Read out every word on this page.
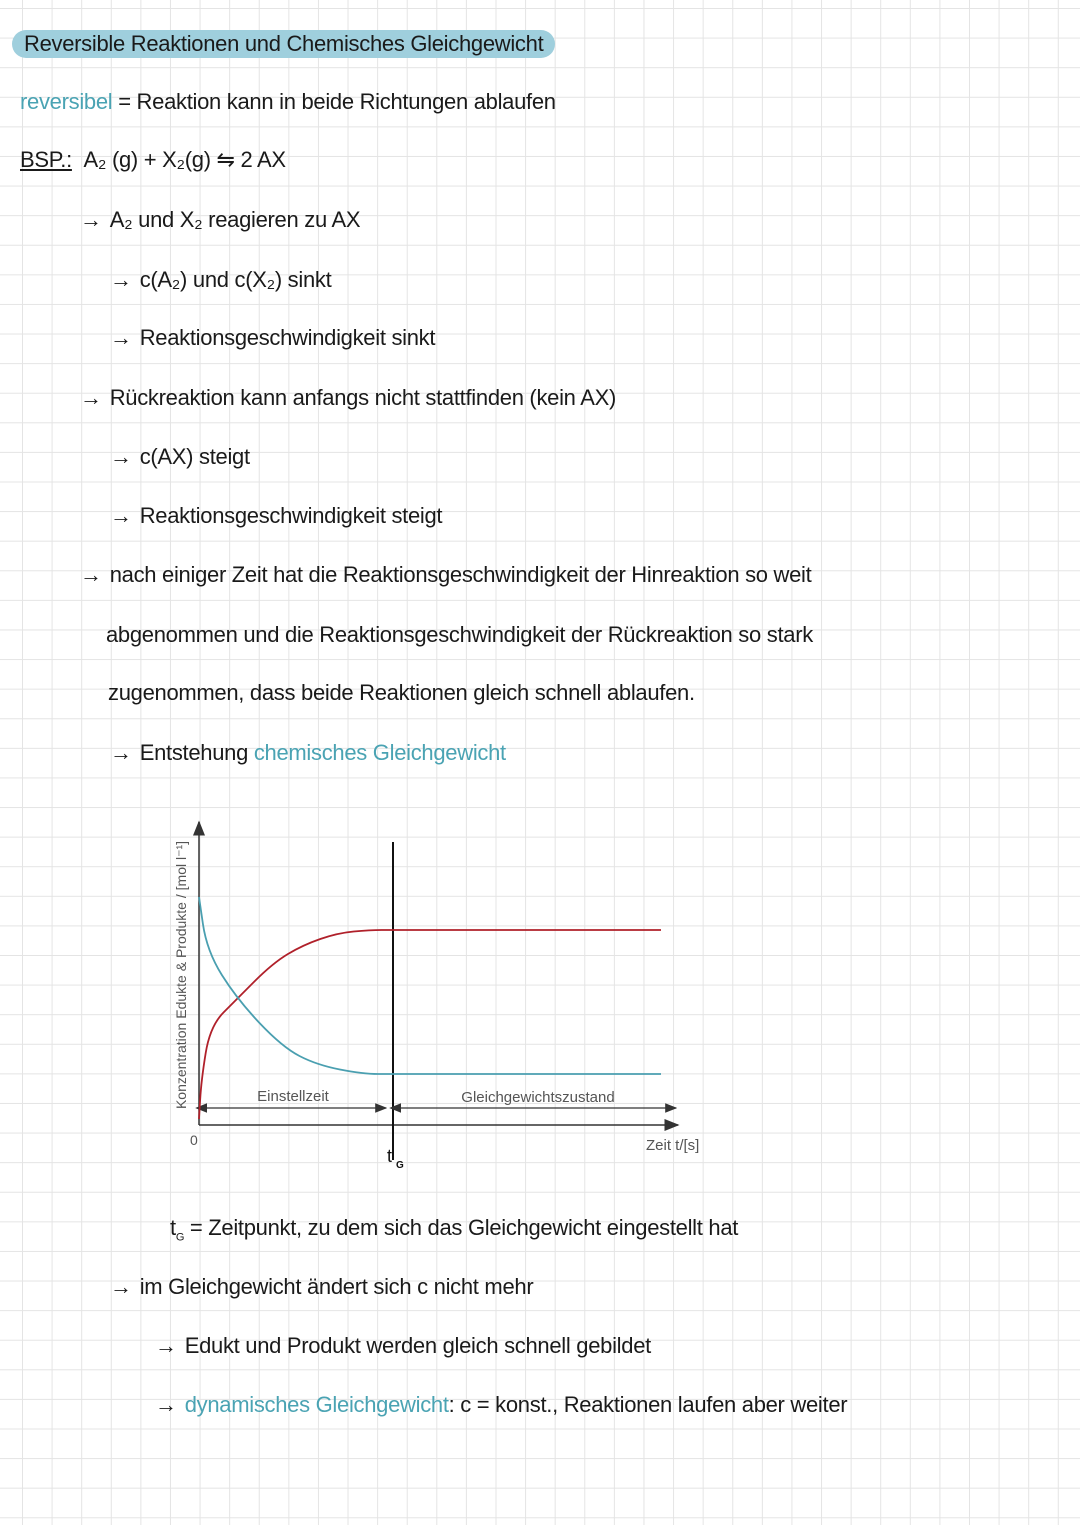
Reversible Reaktionen und Chemisches Gleichgewicht
reversibel = Reaktion kann in beide Richtungen ablaufen
BSP.: A₂ (g) + X₂(g) ⇋ 2 AX
→ A₂ und X₂ reagieren zu AX
→ c(A₂) und c(X₂) sinkt
→ Reaktionsgeschwindigkeit sinkt
→ Rückreaktion kann anfangs nicht stattfinden (kein AX)
→ c(AX) steigt
→ Reaktionsgeschwindigkeit steigt
→ nach einiger Zeit hat die Reaktionsgeschwindigkeit der Hinreaktion so weit
abgenommen und die Reaktionsgeschwindigkeit der Rückreaktion so stark
zugenommen, dass beide Reaktionen gleich schnell ablaufen.
→ Entstehung chemisches Gleichgewicht
Konzentration Edukte & Produkte / [mol l⁻¹]
0	Zeit t/[s]
t G
Einstellzeit	Gleichgewichtszustand
$t_G$ = Zeitpunkt, zu dem sich das Gleichgewicht eingestellt hat
→ im Gleichgewicht ändert sich c nicht mehr
→ Edukt und Produkt werden gleich schnell gebildet
→ dynamisches Gleichgewicht: c = konst., Reaktionen laufen aber weiter
